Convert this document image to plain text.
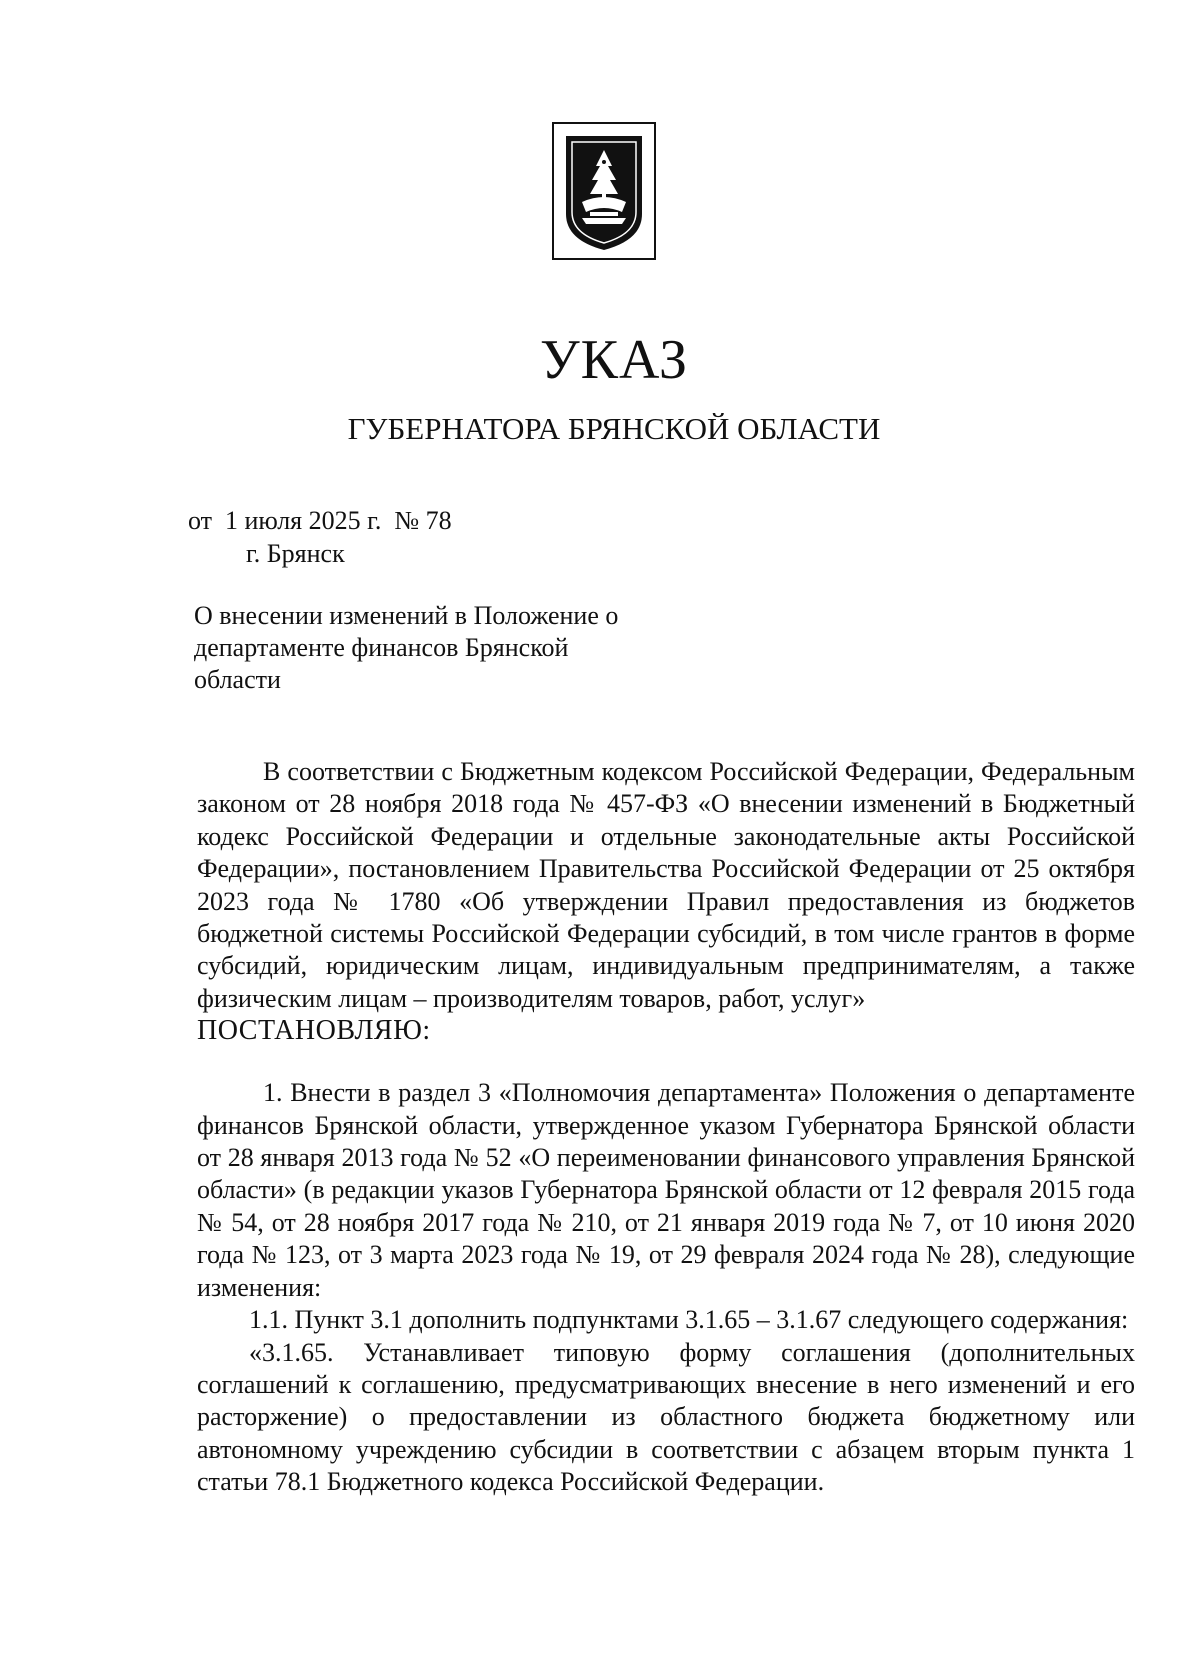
УКАЗ
ГУБЕРНАТОРА БРЯНСКОЙ ОБЛАСТИ
от  1 июля 2025 г.  № 78
г. Брянск
О внесении изменений в Положение о департаменте финансов Брянской области

В соответствии с Бюджетным кодексом Российской Федерации, Федеральным законом от 28 ноября 2018 года № 457-ФЗ «О внесении изменений в Бюджетный кодекс Российской Федерации и отдельные законодательные акты Российской Федерации», постановлением Правительства Российской Федерации от 25 октября 2023 года № 1780 «Об утверждении Правил предоставления из бюджетов бюджетной системы Российской Федерации субсидий, в том числе грантов в форме субсидий, юридическим лицам, индивидуальным предпринимателям, а также физическим лицам – производителям товаров, работ, услуг»

ПОСТАНОВЛЯЮ:

1. Внести в раздел 3 «Полномочия департамента» Положения о департаменте финансов Брянской области, утвержденное указом Губернатора Брянской области от 28 января 2013 года № 52 «О переименовании финансового управления Брянской области» (в редакции указов Губернатора Брянской области от 12 февраля 2015 года № 54, от 28 ноября 2017 года № 210, от 21 января 2019 года № 7, от 10 июня 2020 года № 123, от 3 марта 2023 года № 19, от 29 февраля 2024 года № 28), следующие изменения:

1.1. Пункт 3.1 дополнить подпунктами 3.1.65 – 3.1.67 следующего содержания:

«3.1.65. Устанавливает типовую форму соглашения (дополнительных соглашений к соглашению, предусматривающих внесение в него изменений и его расторжение) о предоставлении из областного бюджета бюджетному или автономному учреждению субсидии в соответствии с абзацем вторым пункта 1 статьи 78.1 Бюджетного кодекса Российской Федерации.
